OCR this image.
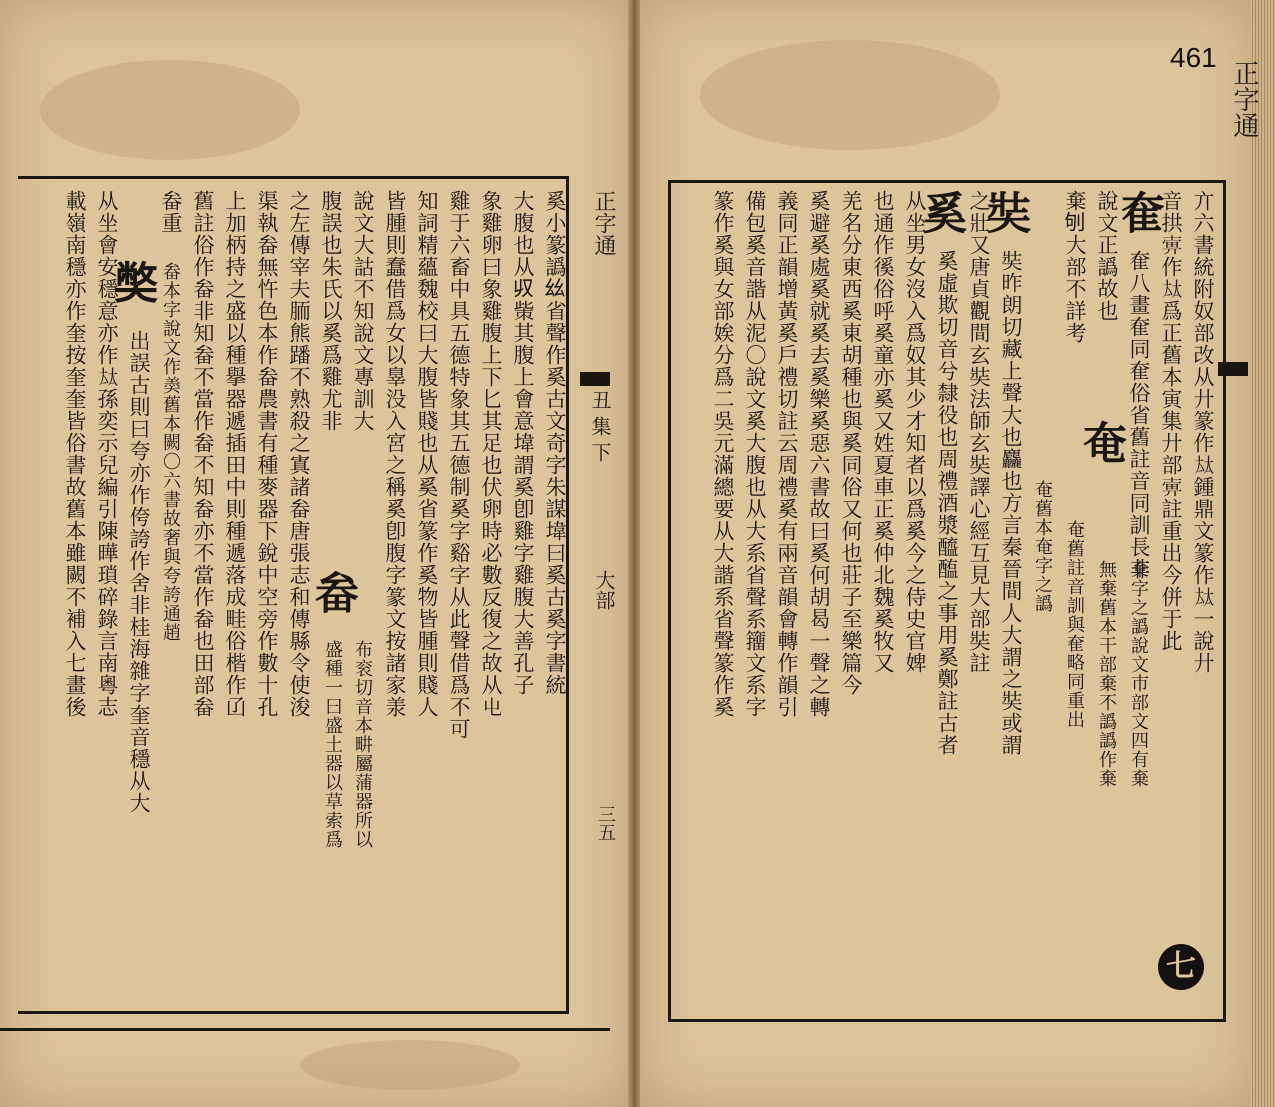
461
正字通
丑集下
大部
三五
奚小篆譌𢆶省聲作奚古文奇字朱謀㙔曰奚古奚字書統
大腹也从𠬞㭰其腹上會意㙔謂奚卽雞字雞腹大善孔子
象雞卵曰象雞腹上下匕其足也伏卵時必數反復之故从𡳾
雞于六畜中具五德特象其五德制奚字谿字从此聲借爲不可
知詞精蘊魏校曰大腹皆賤也从奚省篆作奚物皆腫則賤人
皆腫則蠢借爲女以辠没入宮之稱奚卽腹字篆文按諸家𣴎
說文大詁不知說文專訓大
腹誤也朱氏以奚爲雞尤非
畚
布衮切音本畊屬蒲器所以
盛種一曰盛土器以草索爲
之左傳宰夫胹熊蹯不熟殺之寘諸畚唐張志和傳縣令使浚
渠執畚無忤色本作畚農書有種麥器下銳中空旁作數十孔
上加柄持之盛以種擧器遞插田中則種遞落成畦俗楷作𠙶
舊註俗作畚非知畚不當作畚不知畚亦不當作畚也田部畚
畚重
𡚁 畚本字說文作𡙡舊本闕〇六書故奢與夸誇通趙
出誤古則曰夸亦作侉誇作舍非桂海雜字奎音穩从大
从坐會安穩意亦作𡘋孫奕示兒編引陳曄瑣碎錄言南粵志
載嶺南穩亦作奎按奎奎皆俗書故舊本雖闕不補入七畫後
正字通
亣六書統附奴部改从廾篆作𡘋鍾鼎文篆作𡘋一說廾
音拱𢍚作𡘋爲正舊本寅集廾部𢍚註重出今併于此
奞
奞八畫奞同奞俗省舊註音同訓長非
說文正譌故也
棄𠛎大部不詳考
奄
棄字之譌說文巿部文四有棄
無棄舊本干部棄不譌譌作棄
奄舊註音訓與奞略同重出
奄舊本奄字之譌
奘
奘昨朗切藏上聲大也麤也方言秦晉間人大謂之奘或謂
之壯又唐貞觀間玄奘法師玄奘譯心經互見大部奘註
奚
奚虛欺切音兮隸役也周禮酒漿醯醢之事用奚鄭註古者
从坐男女沒入爲奴其少才知者以爲奚今之侍史官婢
也通作徯俗呼奚童亦奚又姓夏車正奚仲北魏奚牧又
羌名分東西奚東胡種也與奚同俗又何也莊子至樂篇今
奚避奚處奚就奚去奚樂奚惡六書故曰奚何胡曷一聲之轉
義同正韻增黃奚戶禮切註云周禮奚有兩音韻會轉作韻引
備包奚音諧从泥〇說文奚大腹也从大系省聲系籒文系字
篆作奚與女部娭分爲二吳元滿總要从大諧系省聲篆作奚
七
